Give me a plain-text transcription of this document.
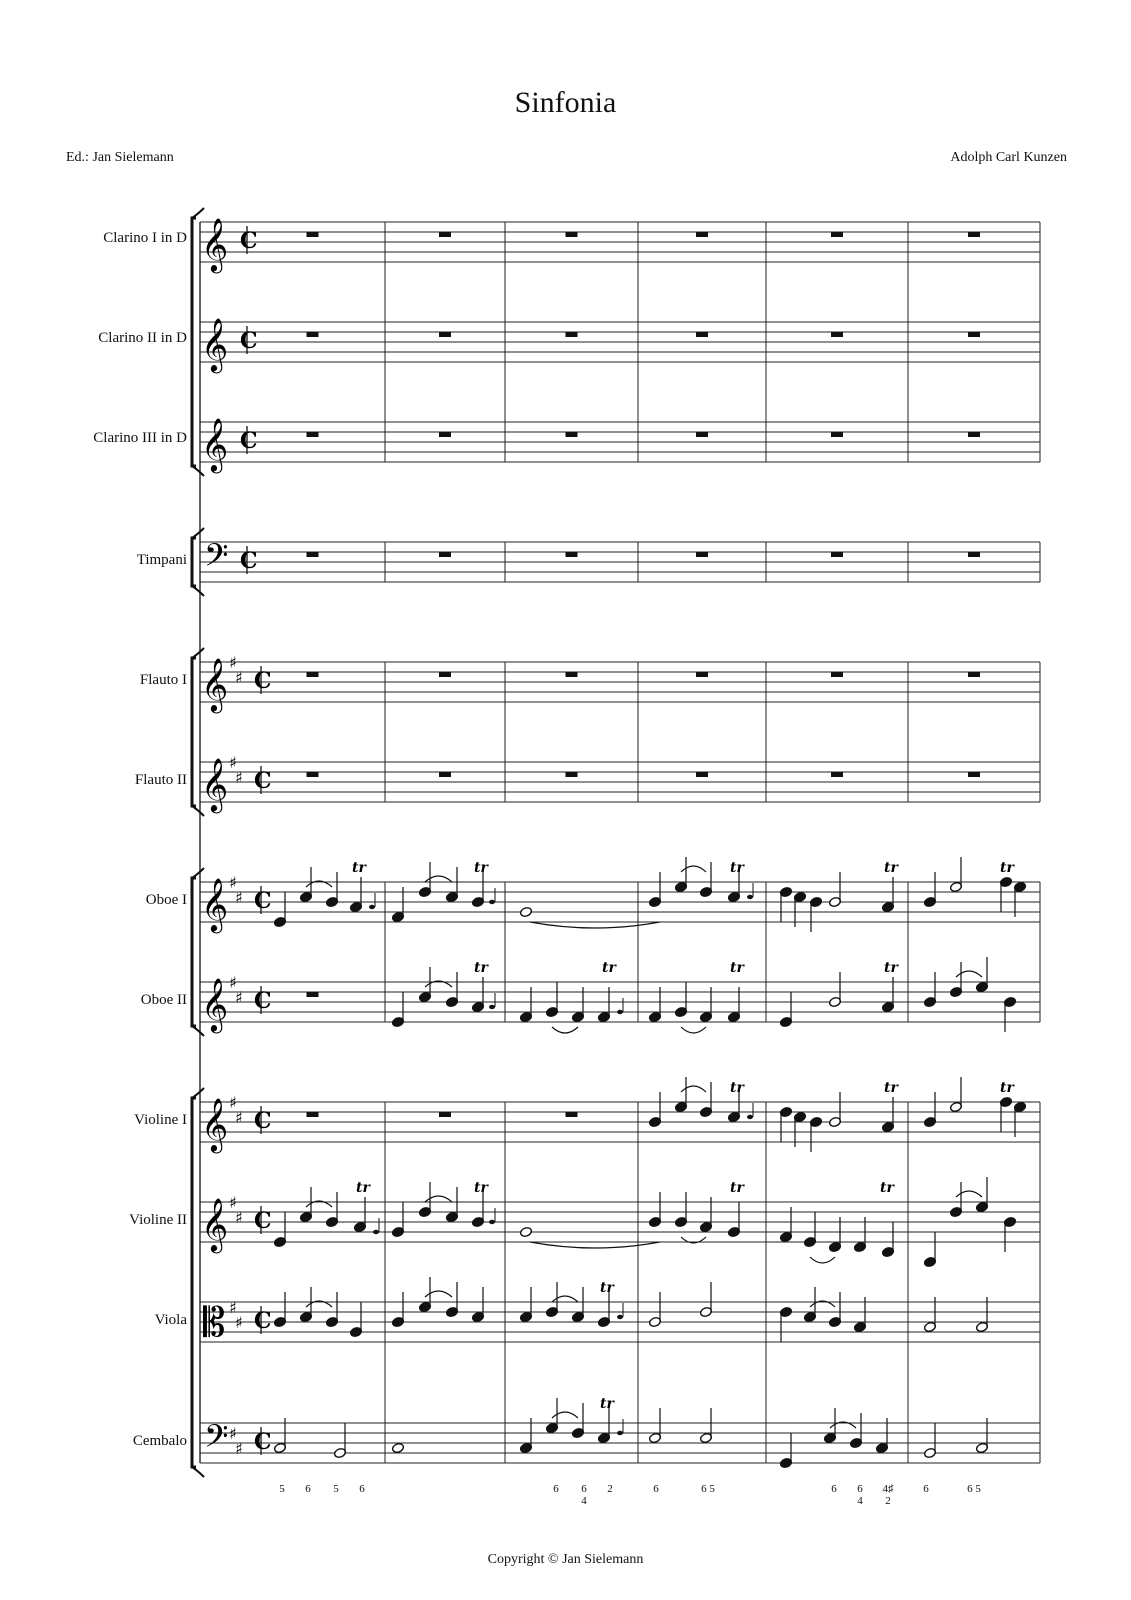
Sinfonia
Ed.: Jan Sielemann	Adolph Carl Kunzen
Clarino I in D
Clarino II in D
Clarino III in D
Timpani
Flauto I
Flauto II
Oboe I
Oboe II
Violine I
Violine II
Viola
Cembalo
𝄞 C
𝄞 C
𝄞 C
𝄢 C
𝄞 ♯
♯ C
𝄞 ♯
♯ C
𝄞 ♯
♯ C
𝄞 ♯
♯ C
𝄞 ♯
♯ C
𝄞 ♯
♯ C
𝄡 ♯
♯ C
𝄢 ♯
♯ C
tr	tr	tr	tr	tr
tr	tr	tr	tr
tr	tr	tr
tr	tr	tr	tr
tr
tr
5 6 5 6	6 6
4
2	6	6 5	6 6
4
4♯
2
6	6 5
Copyright © Jan Sielemann
